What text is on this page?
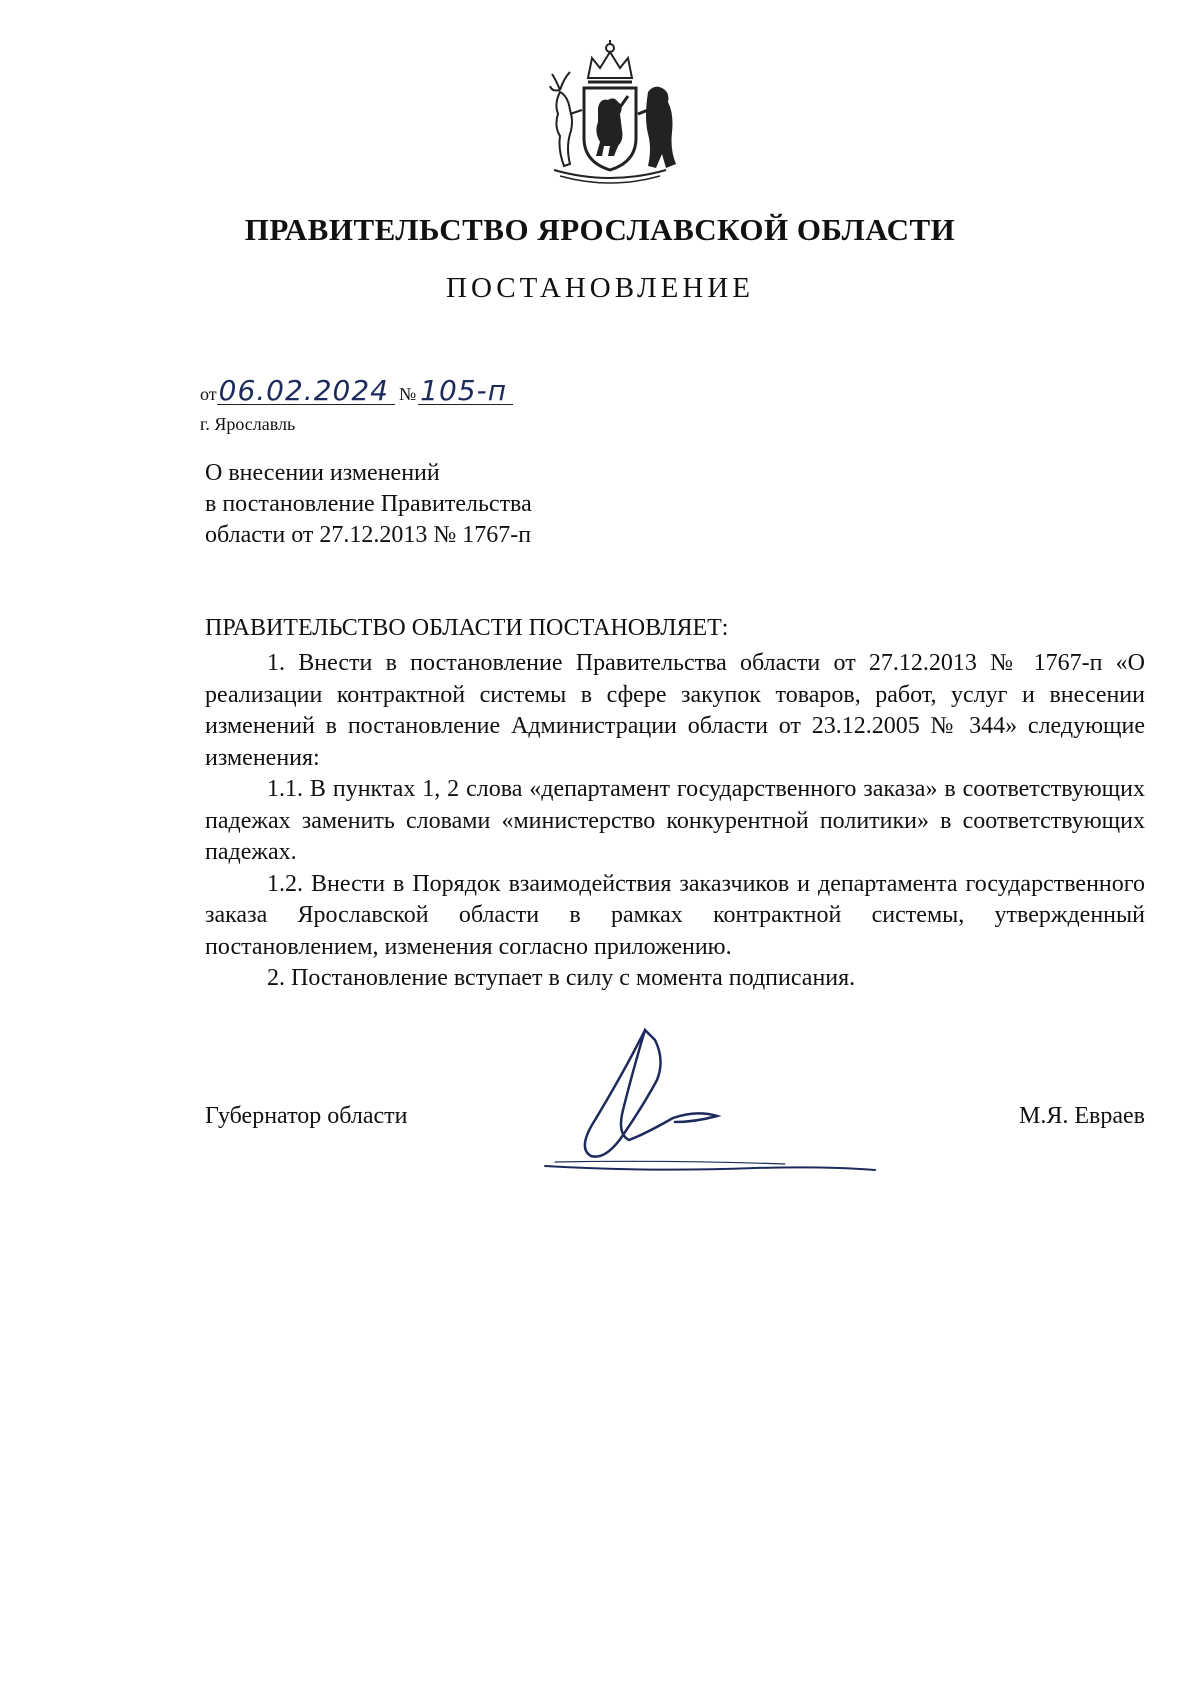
ПРАВИТЕЛЬСТВО ЯРОСЛАВСКОЙ ОБЛАСТИ
ПОСТАНОВЛЕНИЕ
от06.02.2024 № 105-п
г. Ярославль
О внесении изменений
в постановление Правительства
области от 27.12.2013 № 1767-п
ПРАВИТЕЛЬСТВО ОБЛАСТИ ПОСТАНОВЛЯЕТ:

1. Внести в постановление Правительства области от 27.12.2013 № 1767-п «О реализации контрактной системы в сфере закупок товаров, работ, услуг и внесении изменений в постановление Администрации области от 23.12.2005 № 344» следующие изменения:

1.1. В пунктах 1, 2 слова «департамент государственного заказа» в соответствующих падежах заменить словами «министерство конкурентной политики» в соответствующих падежах.

1.2. Внести в Порядок взаимодействия заказчиков и департамента государственного заказа Ярославской области в рамках контрактной системы, утвержденный постановлением, изменения согласно приложению.

2. Постановление вступает в силу с момента подписания.

Губернатор области	М.Я. Евраев
